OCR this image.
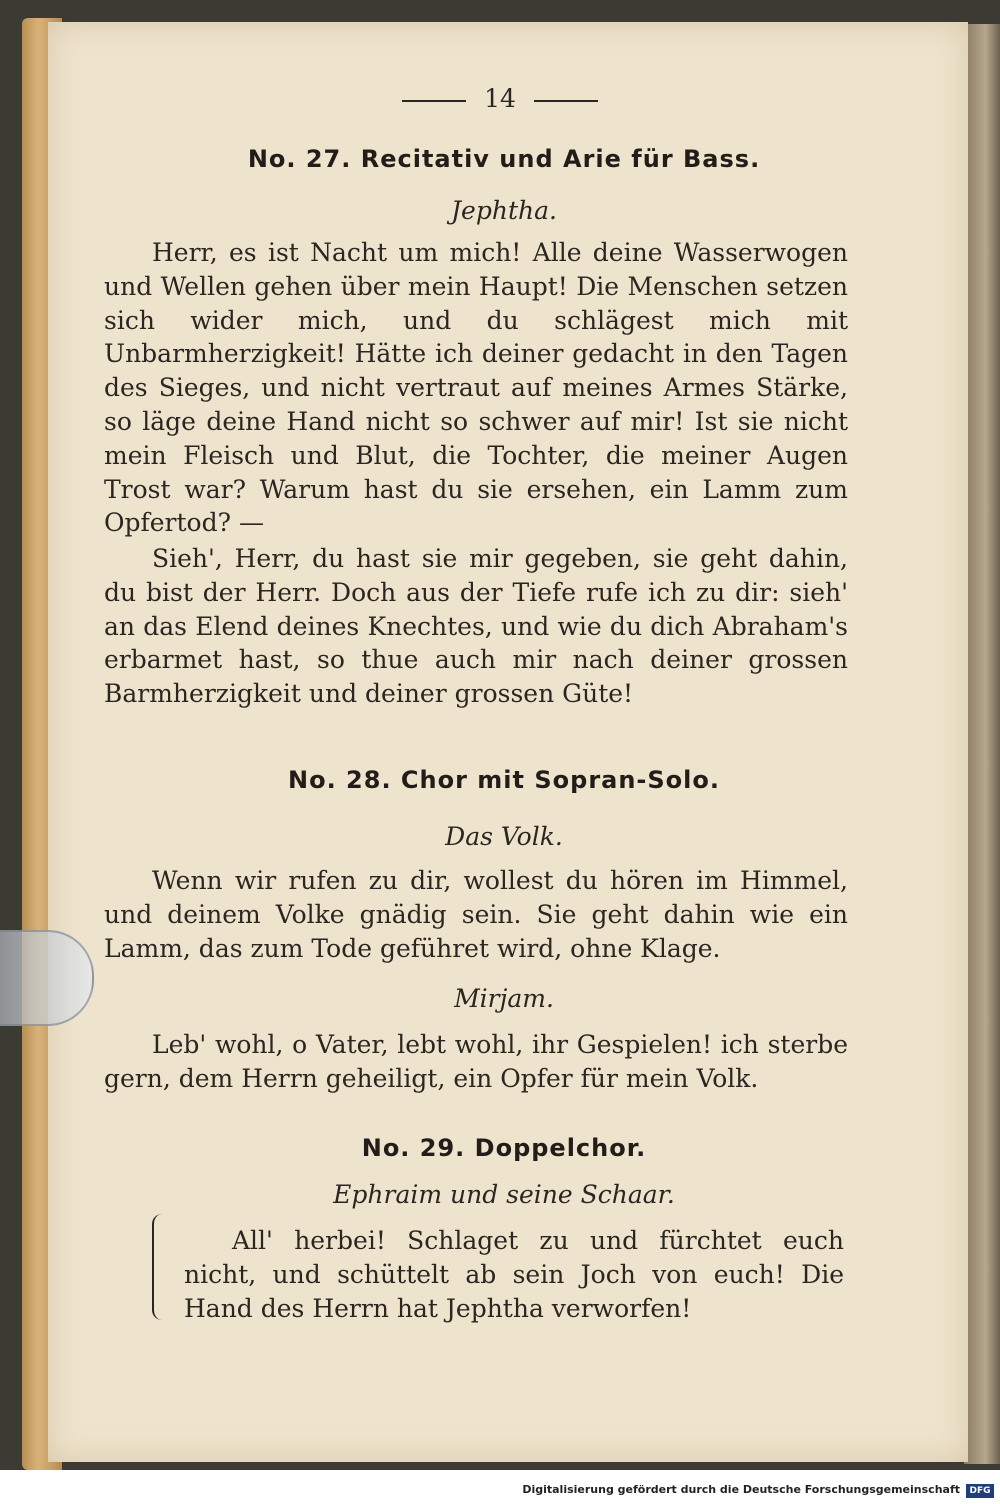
14
No. 27. Recitativ und Arie für Bass.
Jephtha.
Herr, es ist Nacht um mich! Alle deine Wasserwogen und Wellen gehen über mein Haupt! Die Menschen setzen sich wider mich, und du schlägest mich mit Unbarmherzigkeit! Hätte ich deiner gedacht in den Tagen des Sieges, und nicht vertraut auf meines Armes Stärke, so läge deine Hand nicht so schwer auf mir! Ist sie nicht mein Fleisch und Blut, die Tochter, die meiner Augen Trost war? Warum hast du sie ersehen, ein Lamm zum Opfertod? —
Sieh', Herr, du hast sie mir gegeben, sie geht dahin, du bist der Herr. Doch aus der Tiefe rufe ich zu dir: sieh' an das Elend deines Knechtes, und wie du dich Abraham's erbarmet hast, so thue auch mir nach deiner grossen Barmherzigkeit und deiner grossen Güte!
No. 28. Chor mit Sopran-Solo.
Das Volk.
Wenn wir rufen zu dir, wollest du hören im Himmel, und deinem Volke gnädig sein. Sie geht dahin wie ein Lamm, das zum Tode geführet wird, ohne Klage.
Mirjam.
Leb' wohl, o Vater, lebt wohl, ihr Gespielen! ich sterbe gern, dem Herrn geheiligt, ein Opfer für mein Volk.
No. 29. Doppelchor.
Ephraim und seine Schaar.
All' herbei! Schlaget zu und fürchtet euch nicht, und schüttelt ab sein Joch von euch! Die Hand des Herrn hat Jephtha verworfen!
Digitalisierung gefördert durch die Deutsche Forschungsgemeinschaft	DFG
